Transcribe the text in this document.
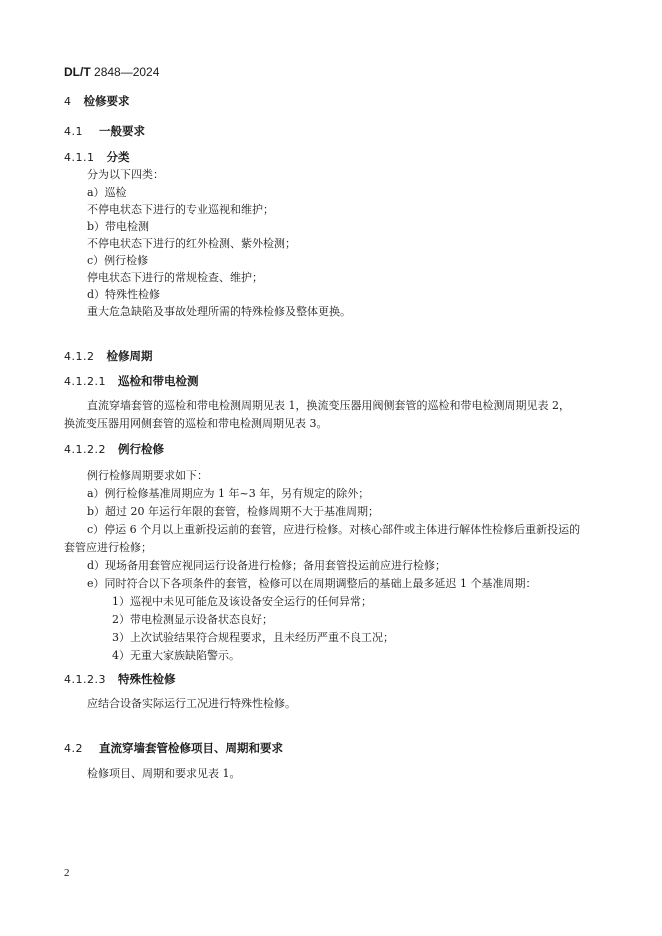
DL/T 2848—2024
4 检修要求
4.1 一般要求
4.1.1 分类
分为以下四类：
a）巡检
不停电状态下进行的专业巡视和维护；
b）带电检测
不停电状态下进行的红外检测、紫外检测；
c）例行检修
停电状态下进行的常规检查、维护；
d）特殊性检修
重大危急缺陷及事故处理所需的特殊检修及整体更换。
4.1.2 检修周期
4.1.2.1 巡检和带电检测
直流穿墙套管的巡检和带电检测周期见表 1，换流变压器用阀侧套管的巡检和带电检测周期见表 2，
换流变压器用网侧套管的巡检和带电检测周期见表 3。
4.1.2.2 例行检修
例行检修周期要求如下：
a）例行检修基准周期应为 1 年~3 年，另有规定的除外；
b）超过 20 年运行年限的套管，检修周期不大于基准周期；
c）停运 6 个月以上重新投运前的套管，应进行检修。对核心部件或主体进行解体性检修后重新投运的
套管应进行检修；
d）现场备用套管应视同运行设备进行检修；备用套管投运前应进行检修；
e）同时符合以下各项条件的套管，检修可以在周期调整后的基础上最多延迟 1 个基准周期：
1）巡视中未见可能危及该设备安全运行的任何异常；
2）带电检测显示设备状态良好；
3）上次试验结果符合规程要求，且未经历严重不良工况；
4）无重大家族缺陷警示。
4.1.2.3 特殊性检修
应结合设备实际运行工况进行特殊性检修。
4.2 直流穿墙套管检修项目、周期和要求
检修项目、周期和要求见表 1。
2
